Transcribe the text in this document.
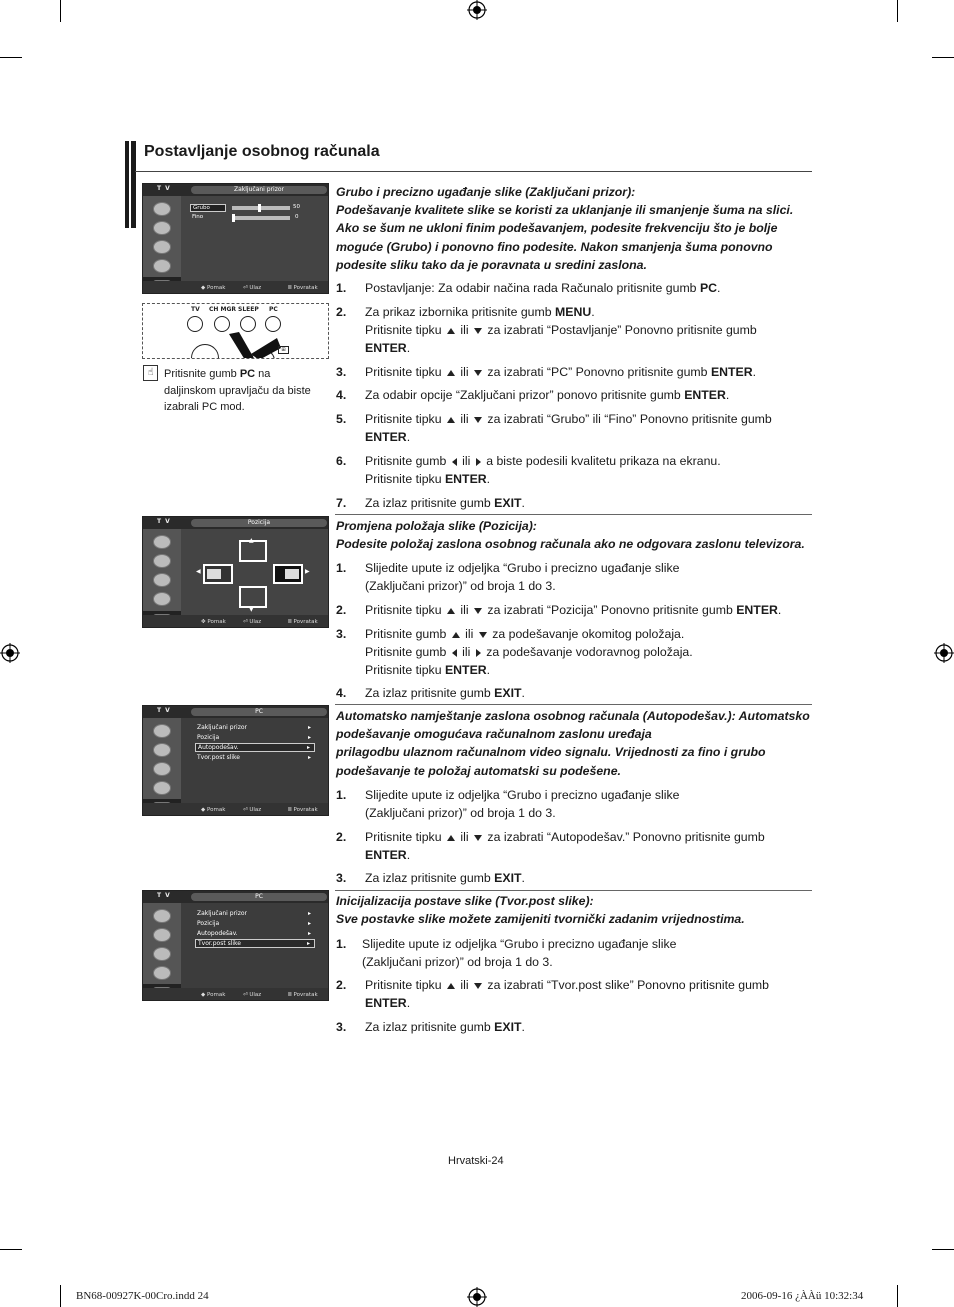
Postavljanje osobnog računala
T V	Zaključani prizor
Grubo	50
Fino	0
◆ Pomak	⏎ Ulaz	Ⅲ Povratak
TV CH MGR SLEEP PC
⊞
☝ Pritisnite gumb PC na
daljinskom upravljaču da biste
izabrali PC mod.
Grubo i precizno ugađanje slike (Zaključani prizor):
Podešavanje kvalitete slike se koristi za uklanjanje ili smanjenje šuma na slici.
Ako se šum ne ukloni finim podešavanjem, podesite frekvenciju što je bolje
moguće (Grubo) i ponovno fino podesite. Nakon smanjenja šuma ponovno
podesite sliku tako da je poravnata u sredini zaslona.
1. Postavljanje: Za odabir načina rada Računalo pritisnite gumb PC.
2. Za prikaz izbornika pritisnite gumb MENU.
Pritisnite tipku  ili  za izabrati “Postavljanje” Ponovno pritisnite gumb
ENTER.
3. Pritisnite tipku  ili  za izabrati “PC” Ponovno pritisnite gumb ENTER.
4. Za odabir opcije “Zaključani prizor” ponovo pritisnite gumb ENTER.
5. Pritisnite tipku  ili  za izabrati “Grubo” ili “Fino” Ponovno pritisnite gumb
ENTER.
6. Pritisnite gumb  ili  a biste podesili kvalitetu prikaza na ekranu.
Pritisnite tipku ENTER.
7. Za izlaz pritisnite gumb EXIT.
T V	Pozicija
▲
◀	▶
▼
✥ Pomak	⏎ Ulaz	Ⅲ Povratak
Promjena položaja slike (Pozicija):
Podesite položaj zaslona osobnog računala ako ne odgovara zaslonu televizora.
1. Slijedite upute iz odjeljka “Grubo i precizno ugađanje slike
(Zaključani prizor)” od broja 1 do 3.
2. Pritisnite tipku  ili  za izabrati “Pozicija” Ponovno pritisnite gumb ENTER.
3. Pritisnite gumb  ili  za podešavanje okomitog položaja.
Pritisnite gumb  ili  za podešavanje vodoravnog položaja.
Pritisnite tipku ENTER.
4. Za izlaz pritisnite gumb EXIT.
T V	PC
Zaključani prizor	▸
Pozicija	▸
Autopodešav.	▸
Tvor.post slike	▸
◆ Pomak	⏎ Ulaz	Ⅲ Povratak
Automatsko namještanje zaslona osobnog računala (Autopodešav.): Automatsko
podešavanje omogućava računalnom zaslonu uređaja
prilagodbu ulaznom računalnom video signalu. Vrijednosti za fino i grubo
podešavanje te položaj automatski su podešene.
1. Slijedite upute iz odjeljka “Grubo i precizno ugađanje slike
(Zaključani prizor)” od broja 1 do 3.
2. Pritisnite tipku  ili  za izabrati “Autopodešav.” Ponovno pritisnite gumb
ENTER.
3. Za izlaz pritisnite gumb EXIT.
T V	PC
Zaključani prizor	▸
Pozicija	▸
Autopodešav.	▸
Tvor.post slike	▸
◆ Pomak	⏎ Ulaz	Ⅲ Povratak
Inicijalizacija postave slike (Tvor.post slike):
Sve postavke slike možete zamijeniti tvornički zadanim vrijednostima.
1. Slijedite upute iz odjeljka “Grubo i precizno ugađanje slike
(Zaključani prizor)” od broja 1 do 3.
2. Pritisnite tipku  ili  za izabrati “Tvor.post slike” Ponovno pritisnite gumb
ENTER.
3. Za izlaz pritisnite gumb EXIT.
Hrvatski-24
BN68-00927K-00Cro.indd 24	2006-09-16 ¿ÀÀü 10:32:34
